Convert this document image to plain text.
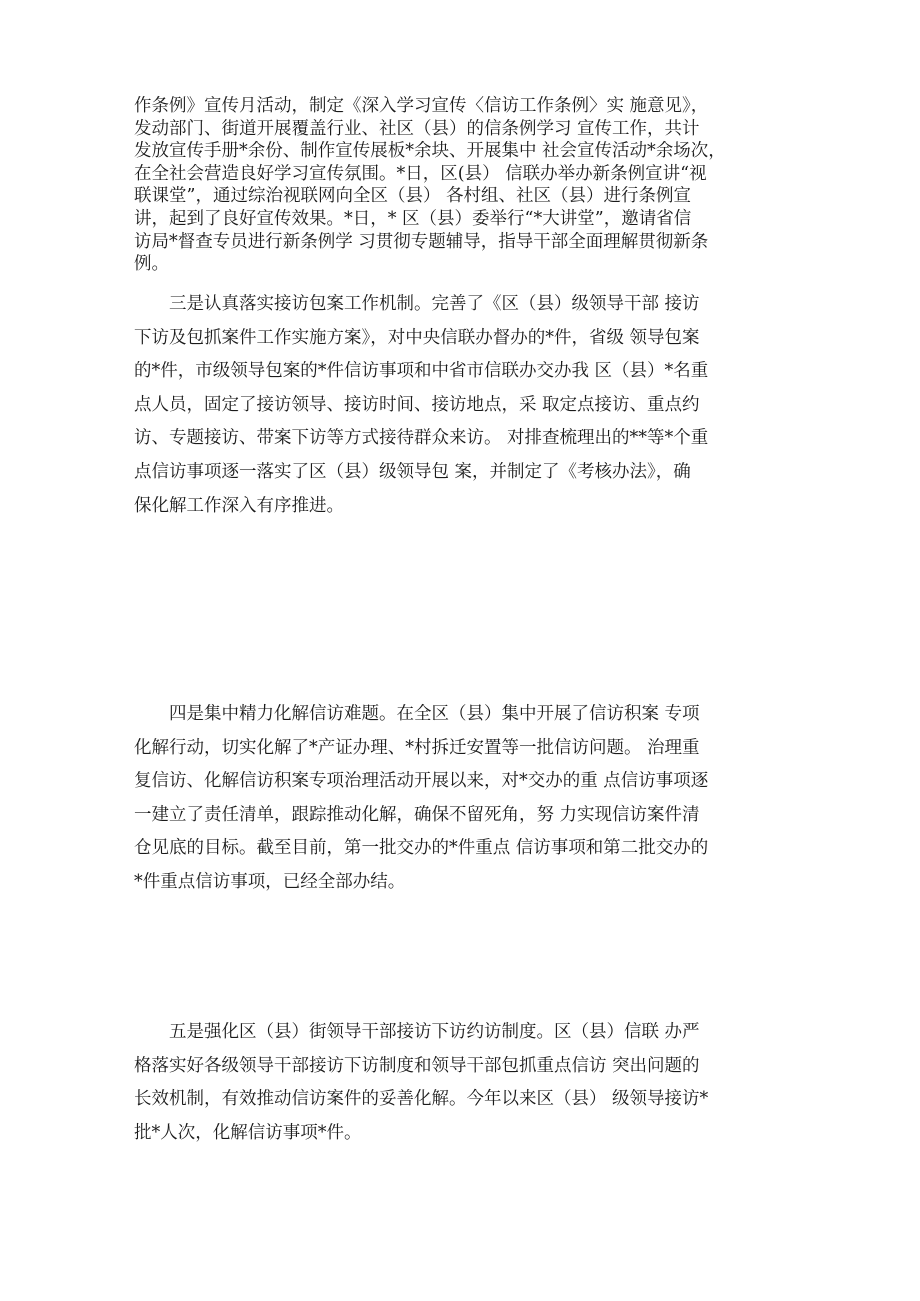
作条例》宣传月活动，制定《深入学习宣传〈信访工作条例〉实 施意见》，
发动部门、街道开展覆盖行业、社区（县）的信条例学习 宣传工作，共计
发放宣传手册*余份、制作宣传展板*余块、开展集中 社会宣传活动*余场次，
在全社会营造良好学习宣传氛围。*日，区(县） 信联办举办新条例宣讲“视
联课堂”，通过综治视联网向全区（县） 各村组、社区（县）进行条例宣
讲，起到了良好宣传效果。*日，* 区（县）委举行“*大讲堂”，邀请省信
访局*督查专员进行新条例学 习贯彻专题辅导，指导干部全面理解贯彻新条
例。
　　三是认真落实接访包案工作机制。完善了《区（县）级领导干部 接访
下访及包抓案件工作实施方案》，对中央信联办督办的*件，省级 领导包案
的*件，市级领导包案的*件信访事项和中省市信联办交办我 区（县）*名重
点人员，固定了接访领导、接访时间、接访地点，采 取定点接访、重点约
访、专题接访、带案下访等方式接待群众来访。 对排查梳理出的**等*个重
点信访事项逐一落实了区（县）级领导包 案，并制定了《考核办法》，确
保化解工作深入有序推进。
　　四是集中精力化解信访难题。在全区（县）集中开展了信访积案 专项
化解行动，切实化解了*产证办理、*村拆迁安置等一批信访问题。 治理重
复信访、化解信访积案专项治理活动开展以来，对*交办的重 点信访事项逐
一建立了责任清单，跟踪推动化解，确保不留死角，努 力实现信访案件清
仓见底的目标。截至目前，第一批交办的*件重点 信访事项和第二批交办的
*件重点信访事项，已经全部办结。
　　五是强化区（县）街领导干部接访下访约访制度。区（县）信联 办严
格落实好各级领导干部接访下访制度和领导干部包抓重点信访 突出问题的
长效机制，有效推动信访案件的妥善化解。今年以来区（县） 级领导接访*
批*人次，化解信访事项*件。
